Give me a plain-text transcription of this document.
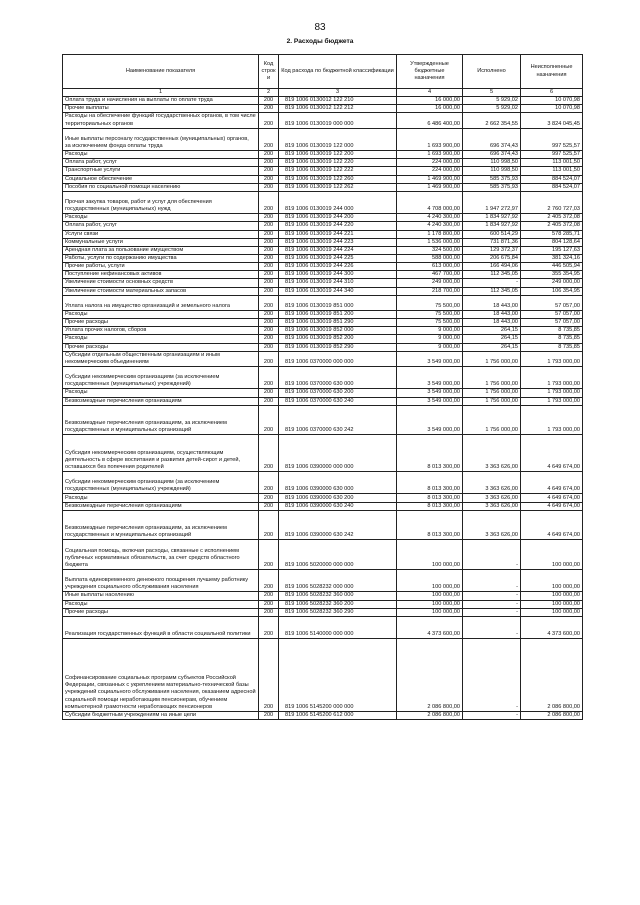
83
2. Расходы бюджета
Наименование показателя	Код строк и	Код расхода по бюджетной классификации	Утвержденные бюджетные назначения	Исполнено	Неисполненные назначения
1	2	3	4	5	6
Оплата труда и начисления на выплаты по оплате труда	200	819 1006 0130012 122 210	16 000,00	5 929,02	10 070,98
Прочие выплаты	200	819 1006 0130012 122 212	16 000,00	5 929,02	10 070,98
Расходы на обеспечение функций государственных органов, в том числе территориальных органов	200	819 1006 0130019 000 000	6 486 400,00	2 662 354,55	3 824 045,45
Иные выплаты персоналу государственных (муниципальных) органов, за исключением фонда оплаты труда	200	819 1006 0130019 122 000	1 693 900,00	696 374,43	997 525,57
Расходы	200	819 1006 0130019 122 200	1 693 900,00	696 374,43	997 525,57
Оплата работ, услуг	200	819 1006 0130019 122 220	224 000,00	110 998,50	113 001,50
Транспортные услуги	200	819 1006 0130019 122 222	224 000,00	110 998,50	113 001,50
Социальное обеспечение	200	819 1006 0130019 122 260	1 469 900,00	585 375,93	884 524,07
Пособия по социальной помощи населению	200	819 1006 0130019 122 262	1 469 900,00	585 375,93	884 524,07
Прочая закупка товаров, работ и услуг для обеспечения государственных (муниципальных) нужд	200	819 1006 0130019 244 000	4 708 000,00	1 947 272,97	2 760 727,03
Расходы	200	819 1006 0130019 244 200	4 240 300,00	1 834 927,92	2 405 372,08
Оплата работ, услуг	200	819 1006 0130019 244 220	4 240 300,00	1 834 927,92	2 405 372,08
Услуги связи	200	819 1006 0130019 244 221	1 178 800,00	600 514,29	578 285,71
Коммунальные услуги	200	819 1006 0130019 244 223	1 536 000,00	731 871,36	804 128,64
Арендная плата за пользование имуществом	200	819 1006 0130019 244 224	324 500,00	129 372,37	195 127,63
Работы, услуги по содержанию имущества	200	819 1006 0130019 244 225	588 000,00	206 675,84	381 324,16
Прочие работы, услуги	200	819 1006 0130019 244 226	613 000,00	166 494,06	446 505,94
Поступление нефинансовых активов	200	819 1006 0130019 244 300	467 700,00	112 345,05	355 354,95
Увеличение стоимости основных средств	200	819 1006 0130019 244 310	249 000,00	-	249 000,00
Увеличение стоимости материальных запасов	200	819 1006 0130019 244 340	218 700,00	112 345,05	106 354,95
Уплата налога на имущество организаций и земельного налога	200	819 1006 0130019 851 000	75 500,00	18 443,00	57 057,00
Расходы	200	819 1006 0130019 851 200	75 500,00	18 443,00	57 057,00
Прочие расходы	200	819 1006 0130019 851 290	75 500,00	18 443,00	57 057,00
Уплата прочих налогов, сборов	200	819 1006 0130019 852 000	9 000,00	264,15	8 735,85
Расходы	200	819 1006 0130019 852 200	9 000,00	264,15	8 735,85
Прочие расходы	200	819 1006 0130019 852 290	9 000,00	264,15	8 735,85
Субсидии отдельным общественным организациям и иным некоммерческим объединениям	200	819 1006 0370000 000 000	3 549 000,00	1 756 000,00	1 793 000,00
Субсидии некоммерческим организациям (за исключением государственных (муниципальных) учреждений)	200	819 1006 0370000 630 000	3 549 000,00	1 756 000,00	1 793 000,00
Расходы	200	819 1006 0370000 630 200	3 549 000,00	1 756 000,00	1 793 000,00
Безвозмездные перечисления организациям	200	819 1006 0370000 630 240	3 549 000,00	1 756 000,00	1 793 000,00
Безвозмездные перечисления организациям, за исключением государственных и муниципальных организаций	200	819 1006 0370000 630 242	3 549 000,00	1 756 000,00	1 793 000,00
Субсидия некоммерческим организациям, осуществляющим деятельность в сфере воспитания и развития детей-сирот и детей, оставшихся без попечения родителей	200	819 1006 0390000 000 000	8 013 300,00	3 363 626,00	4 649 674,00
Субсидии некоммерческим организациям (за исключением государственных (муниципальных) учреждений)	200	819 1006 0390000 630 000	8 013 300,00	3 363 626,00	4 649 674,00
Расходы	200	819 1006 0390000 630 200	8 013 300,00	3 363 626,00	4 649 674,00
Безвозмездные перечисления организациям	200	819 1006 0390000 630 240	8 013 300,00	3 363 626,00	4 649 674,00
Безвозмездные перечисления организациям, за исключением государственных и муниципальных организаций	200	819 1006 0390000 630 242	8 013 300,00	3 363 626,00	4 649 674,00
Социальная помощь, включая расходы, связанные с исполнением публичных нормативных обязательств, за счет средств областного бюджета	200	819 1006 5020000 000 000	100 000,00	-	100 000,00
Выплата единовременного денежного поощрения лучшему работнику учреждения социального обслуживания населения	200	819 1006 5028232 000 000	100 000,00	-	100 000,00
Иные выплаты населению	200	819 1006 5028232 360 000	100 000,00	-	100 000,00
Расходы	200	819 1006 5028232 360 200	100 000,00	-	100 000,00
Прочие расходы	200	819 1006 5028232 360 290	100 000,00	-	100 000,00
Реализация государственных функций в области социальной политики	200	819 1006 5140000 000 000	4 373 600,00	-	4 373 600,00
Софинансирование социальных программ субъектов Российской Федерации, связанных с укреплением материально-технической базы учреждений социального обслуживания населения, оказанием адресной социальной помощи неработающим пенсионерам, обучением компьютерной грамотности неработающих пенсионеров	200	819 1006 5145200 000 000	2 086 800,00	-	2 086 800,00
Субсидии бюджетным учреждениям на иные цели	200	819 1006 5145200 612 000	2 086 800,00	-	2 086 800,00
